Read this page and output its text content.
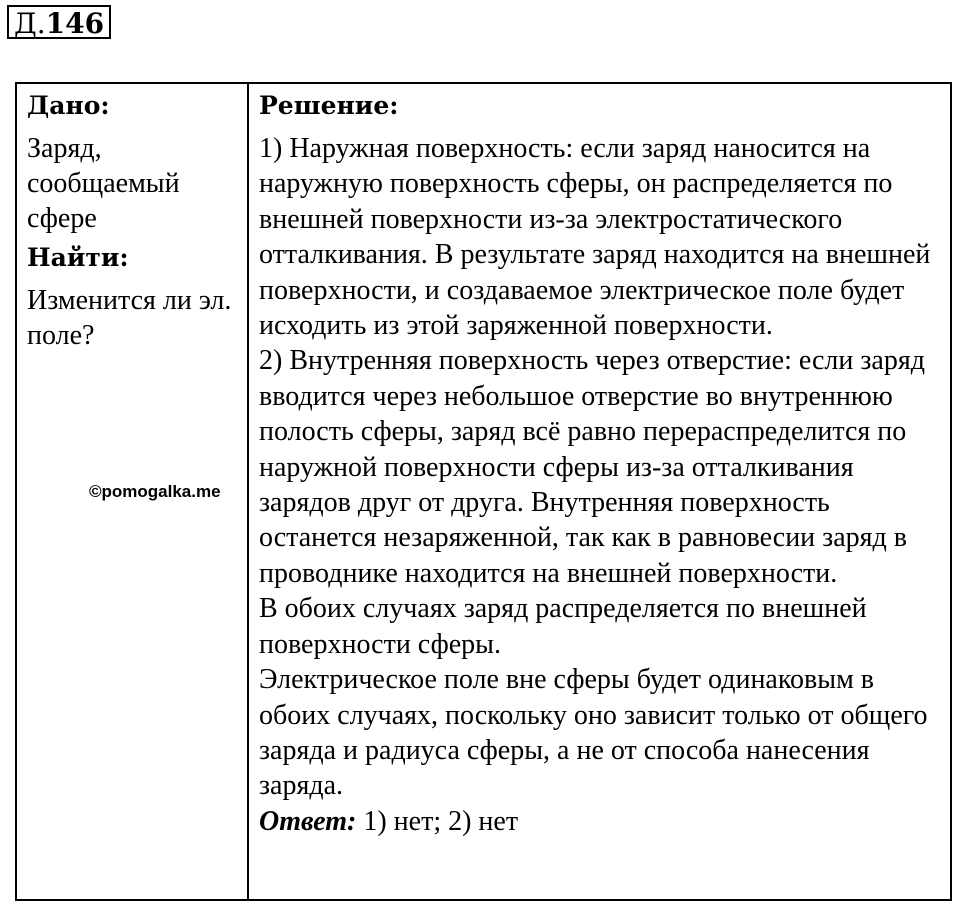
Д.146
Дано:
Заряд, сообщаемый сфере
Найти:
Изменится ли эл. поле?
©pomogalka.me
Решение:

1) Наружная поверхность: если заряд наносится на наружную поверхность сферы, он распределяется по внешней поверхности из-за электростатического отталкивания. В результате заряд находится на внешней поверхности, и создаваемое электрическое поле будет исходить из этой заряженной поверхности.

2) Внутренняя поверхность через отверстие: если заряд вводится через небольшое отверстие во внутреннюю полость сферы, заряд всё равно перераспределится по наружной поверхности сферы из-за отталкивания зарядов друг от друга. Внутренняя поверхность останется незаряженной, так как в равновесии заряд в проводнике находится на внешней поверхности.

В обоих случаях заряд распределяется по внешней поверхности сферы.

Электрическое поле вне сферы будет одинаковым в обоих случаях, поскольку оно зависит только от общего заряда и радиуса сферы, а не от способа нанесения заряда.

Ответ: 1) нет; 2) нет
